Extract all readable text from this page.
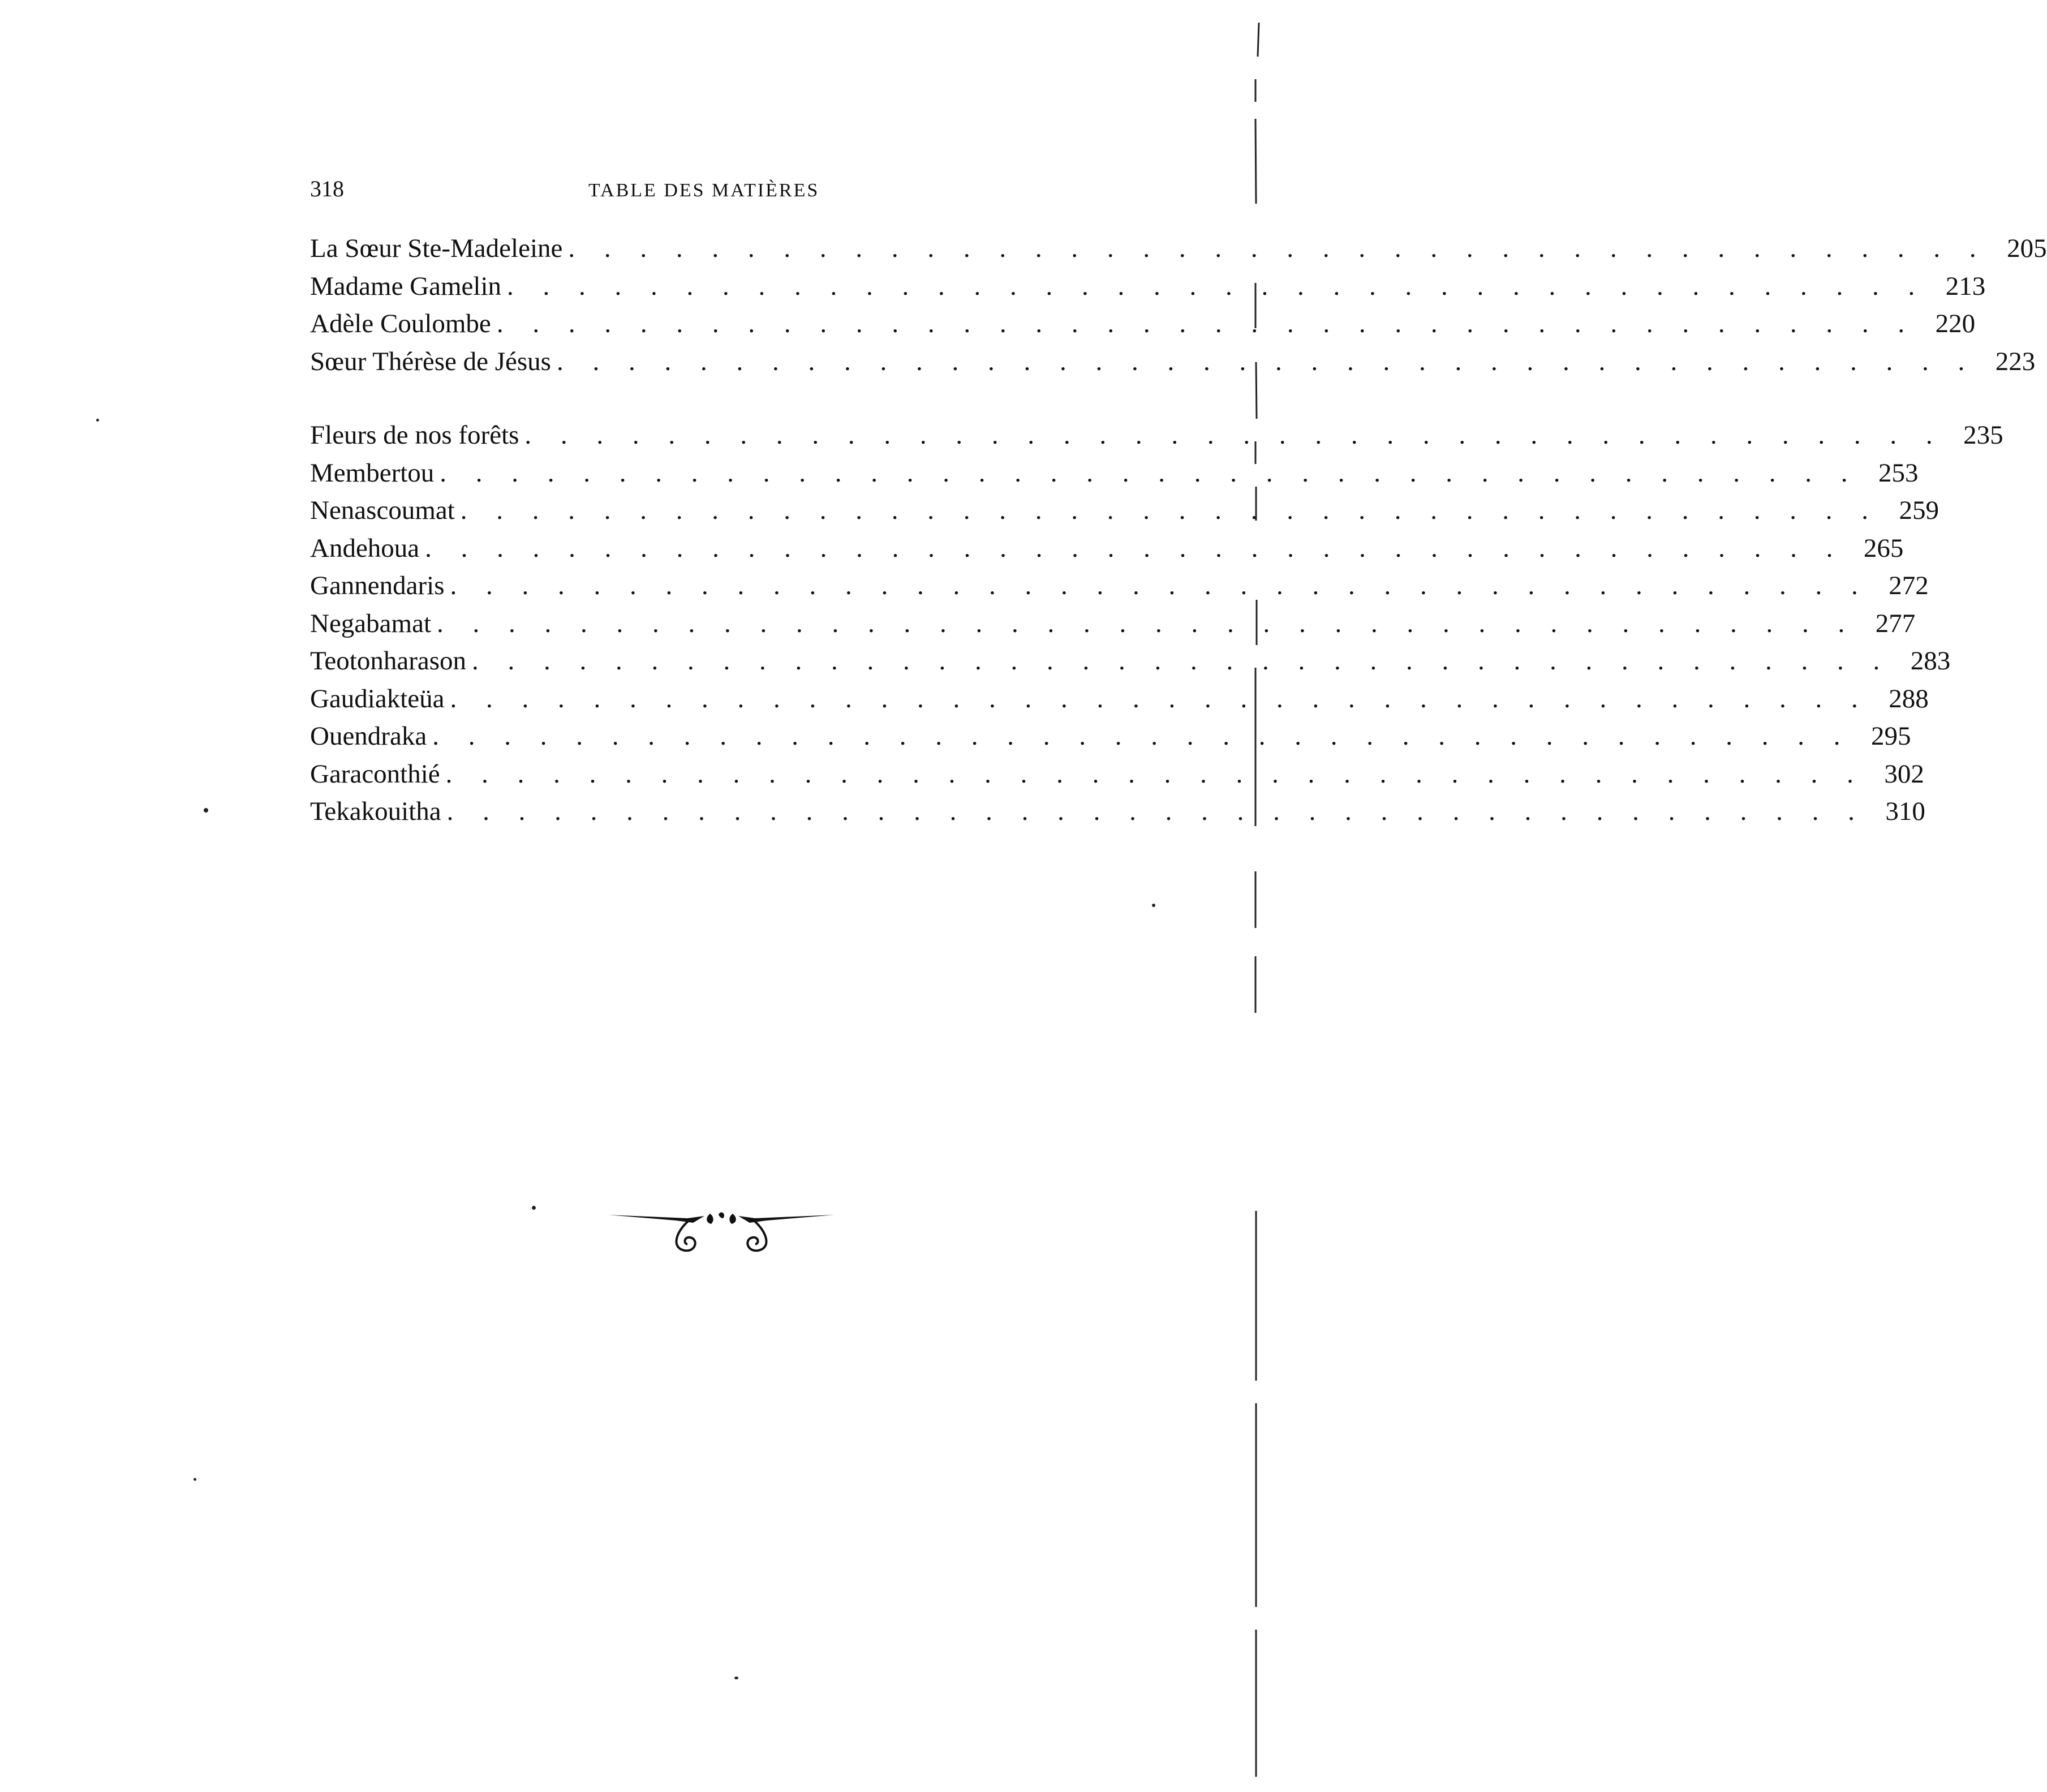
318	TABLE DES MATIÈRES
La Sœur Ste-Madeleine . . . . . . . . . . . . . . . . . . . . . . . . . . . . . . . . . . . . . . . . 205
Madame Gamelin . . . . . . . . . . . . . . . . . . . . . . . . . . . . . . . . . . . . . . . . 213
Adèle Coulombe . . . . . . . . . . . . . . . . . . . . . . . . . . . . . . . . . . . . . . . . 220
Sœur Thérèse de Jésus . . . . . . . . . . . . . . . . . . . . . . . . . . . . . . . . . . . . . . . . 223
Fleurs de nos forêts . . . . . . . . . . . . . . . . . . . . . . . . . . . . . . . . . . . . . . . . 235
Membertou . . . . . . . . . . . . . . . . . . . . . . . . . . . . . . . . . . . . . . . . 253
Nenascoumat . . . . . . . . . . . . . . . . . . . . . . . . . . . . . . . . . . . . . . . . 259
Andehoua . . . . . . . . . . . . . . . . . . . . . . . . . . . . . . . . . . . . . . . . 265
Gannendaris . . . . . . . . . . . . . . . . . . . . . . . . . . . . . . . . . . . . . . . . 272
Negabamat . . . . . . . . . . . . . . . . . . . . . . . . . . . . . . . . . . . . . . . . 277
Teotonharason . . . . . . . . . . . . . . . . . . . . . . . . . . . . . . . . . . . . . . . . 283
Gaudiakteüa . . . . . . . . . . . . . . . . . . . . . . . . . . . . . . . . . . . . . . . . 288
Ouendraka . . . . . . . . . . . . . . . . . . . . . . . . . . . . . . . . . . . . . . . . 295
Garaconthié . . . . . . . . . . . . . . . . . . . . . . . . . . . . . . . . . . . . . . . . 302
Tekakouitha . . . . . . . . . . . . . . . . . . . . . . . . . . . . . . . . . . . . . . . . 310
